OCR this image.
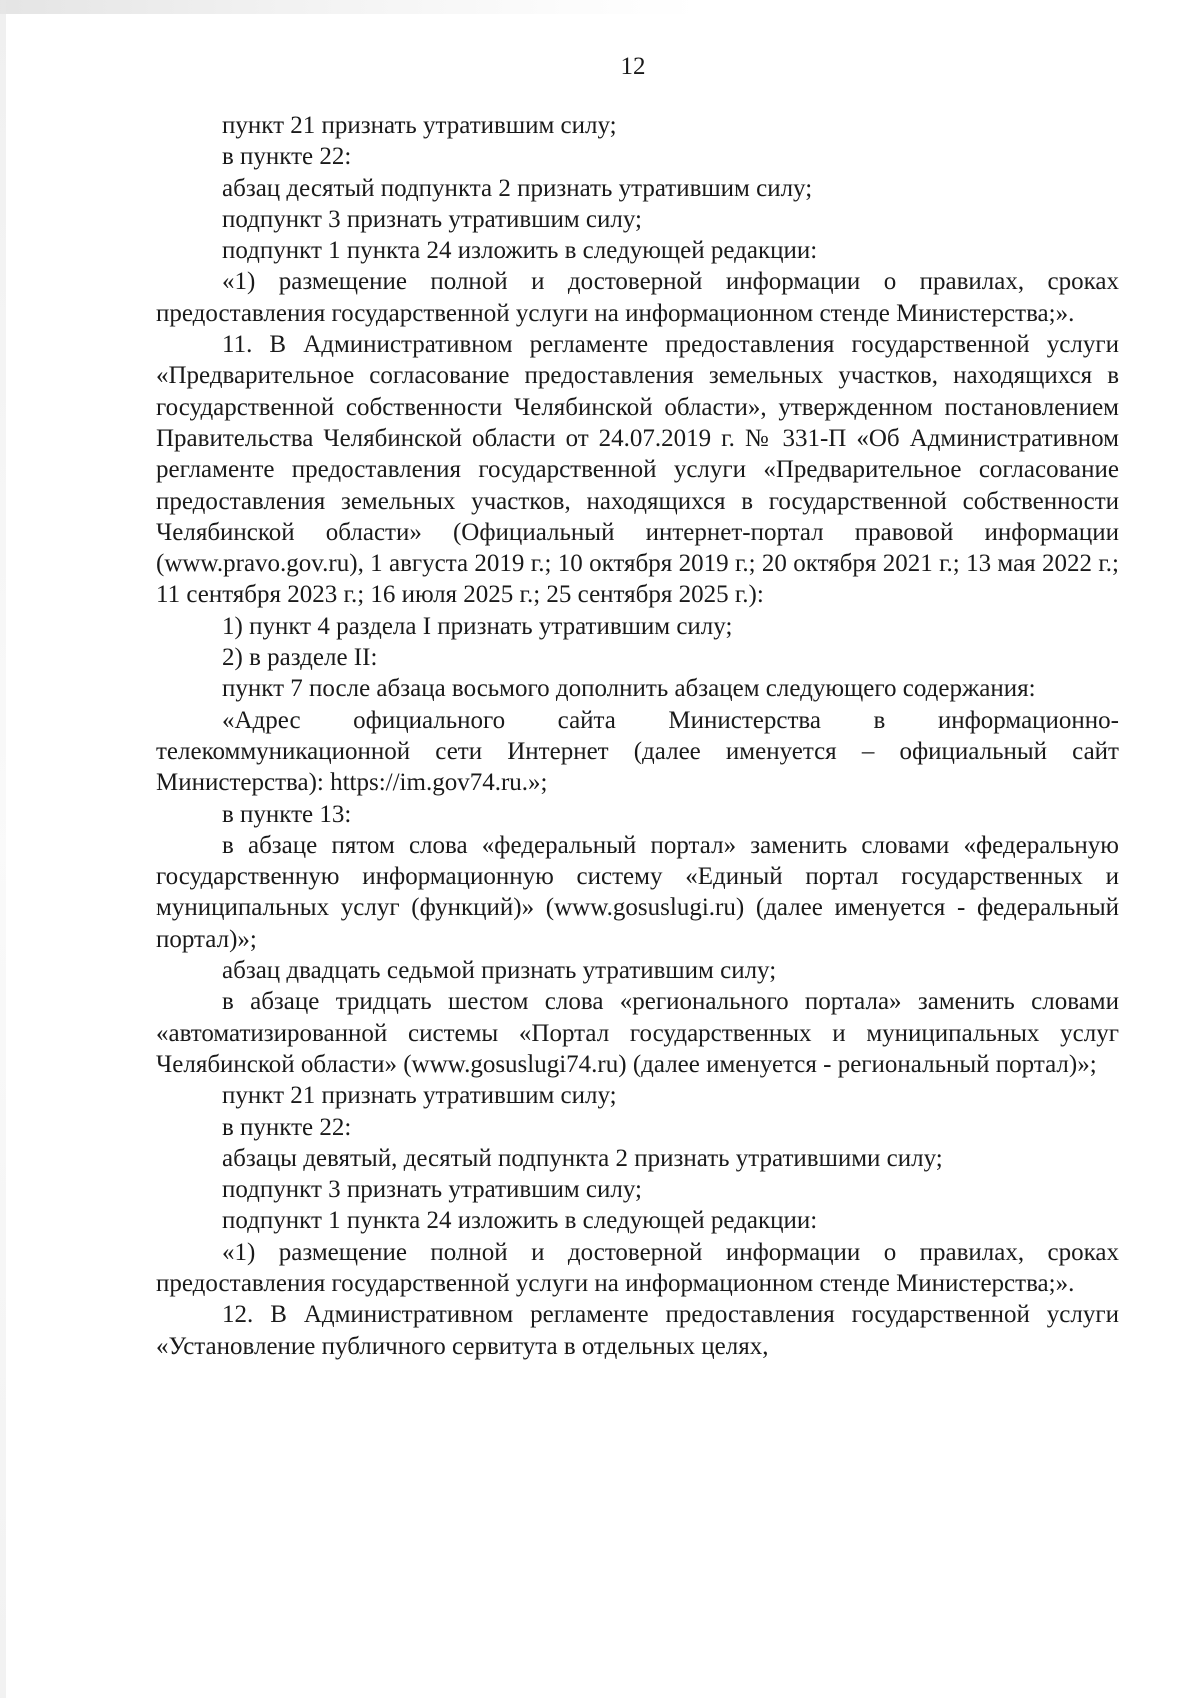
12

пункт 21 признать утратившим силу;

в пункте 22:

абзац десятый подпункта 2 признать утратившим силу;

подпункт 3 признать утратившим силу;

подпункт 1 пункта 24 изложить в следующей редакции:

«1) размещение полной и достоверной информации о правилах, сроках предоставления государственной услуги на информационном стенде Министерства;».

11. В Административном регламенте предоставления государственной услуги «Предварительное согласование предоставления земельных участков, находящихся в государственной собственности Челябинской области», утвержденном постановлением Правительства Челябинской области от 24.07.2019 г. № 331-П «Об Административном регламенте предоставления государственной услуги «Предварительное согласование предоставления земельных участков, находящихся в государственной собственности Челябинской области» (Официальный интернет-портал правовой информации (www.pravo.gov.ru), 1 августа 2019 г.; 10 октября 2019 г.; 20 октября 2021 г.; 13 мая 2022 г.; 11 сентября 2023 г.; 16 июля 2025 г.; 25 сентября 2025 г.):

1) пункт 4 раздела I признать утратившим силу;

2) в разделе II:

пункт 7 после абзаца восьмого дополнить абзацем следующего содержания:

«Адрес официального сайта Министерства в информационно-телекоммуникационной сети Интернет (далее именуется – официальный сайт Министерства): https://im.gov74.ru.»;

в пункте 13:

в абзаце пятом слова «федеральный портал» заменить словами «федеральную государственную информационную систему «Единый портал государственных и муниципальных услуг (функций)» (www.gosuslugi.ru) (далее именуется - федеральный портал)»;

абзац двадцать седьмой признать утратившим силу;

в абзаце тридцать шестом слова «регионального портала» заменить словами «автоматизированной системы «Портал государственных и муниципальных услуг Челябинской области» (www.gosuslugi74.ru) (далее именуется - региональный портал)»;

пункт 21 признать утратившим силу;

в пункте 22:

абзацы девятый, десятый подпункта 2 признать утратившими силу;

подпункт 3 признать утратившим силу;

подпункт 1 пункта 24 изложить в следующей редакции:

«1) размещение полной и достоверной информации о правилах, сроках предоставления государственной услуги на информационном стенде Министерства;».

12. В Административном регламенте предоставления государственной услуги «Установление публичного сервитута в отдельных целях,
